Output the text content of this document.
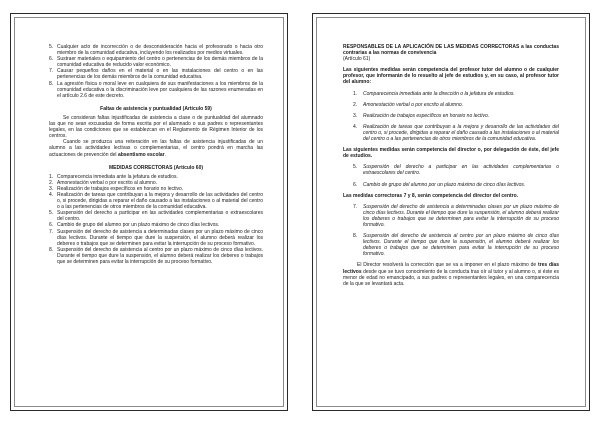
5. Cualquier acto de incorrección o de desconsideración hacia el profesorado o hacia otro miembro de la comunidad educativa, incluyendo los realizados por medios virtuales.
6. Sustraer materiales o equipamiento del centro o pertenencias de los demás miembros de la comunidad educativa de reducido valor económico.
7. Causar pequeños daños en el material o en las instalaciones del centro o en las pertenencias de los demás miembros de la comunidad educativa.
8. La agresión física o moral leve en cualquiera de sus manifestaciones a los miembros de la comunidad educativa o la discriminación leve por cualquiera de las razones enumeradas en el artículo 2.6 de este decreto.
Faltas de asistencia y puntualidad (Artículo 59)

Se consideran faltas injustificadas de asistencia a clase o de puntualidad del alumnado las que no sean excusadas de forma escrita por el alumnado o sus padres o representantes legales, en las condiciones que se establezcan en el Reglamento de Régimen Interior de los centros.

Cuando se produzca una reiteración en las faltas de asistencia injustificadas de un alumno a las actividades lectivas o complementarias, el centro pondrá en marcha las actuaciones de prevención del absentismo escolar.

MEDIDAS CORRECTORAS (Artículo 60)
1. Comparecencia inmediata ante la jefatura de estudios.
2. Amonestación verbal o por escrito al alumno.
3. Realización de trabajos específicos en horario no lectivo.
4. Realización de tareas que contribuyan a la mejora y desarrollo de las actividades del centro o, si procede, dirigidas a reparar el daño causado a las instalaciones o al material del centro o a las pertenencias de otros miembros de la comunidad educativa.
5. Suspensión del derecho a participar en las actividades complementarias o extraescolares del centro.
6. Cambio de grupo del alumno por un plazo máximo de cinco días lectivos.
7. Suspensión del derecho de asistencia a determinadas clases por un plazo máximo de cinco días lectivos. Durante el tiempo que dure la suspensión, el alumno deberá realizar los deberes o trabajos que se determinen para evitar la interrupción de su proceso formativo.
8. Suspensión del derecho de asistencia al centro por un plazo máximo de cinco días lectivos. Durante el tiempo que dure la suspensión, el alumno deberá realizar los deberes o trabajos que se determinen para evitar la interrupción de su proceso formativo.

RESPONSABLES DE LA APLICACIÓN DE LAS MEDIDAS CORRECTORAS a las conductas contrarias a las normas de convivencia

(Artículo 61)

Las siguientes medidas serán competencia del profesor tutor del alumno o de cualquier profesor, que informarán de lo resuelto al jefe de estudios y, en su caso, al profesor tutor del alumno:

1. Comparecencia inmediata ante la dirección o la jefatura de estudios.
2. Amonestación verbal o por escrito al alumno.
3. Realización de trabajos específicos en horario no lectivo.
4.	Realización de tareas que contribuyan a la mejora y desarrollo de las actividades del centro o, si procede, dirigidas a reparar el daño causado a las instalaciones o al material del centro o a las pertenencias de otros miembros de la comunidad educativa.

Las siguientes medidas serán competencia del director o, por delegación de éste, del jefe de estudios.

5.	Suspensión del derecho a participar en las actividades complementarias o extraescolares del centro.
6.	Cambio de grupo del alumno por un plazo máximo de cinco días lectivos.

Las medidas correctoras 7 y 8, serán competencia del director del centro.

7.	Suspensión del derecho de asistencia a determinadas clases por un plazo máximo de cinco días lectivos. Durante el tiempo que dure la suspensión, el alumno deberá realizar los deberes o trabajos que se determinen para evitar la interrupción de su proceso formativo.
8.	Suspensión del derecho de asistencia al centro por un plazo máximo de cinco días lectivos. Durante el tiempo que dure la suspensión, el alumno deberá realizar los deberes o trabajos que se determinen para evitar la interrupción de su proceso formativo.

El Director resolverá la corrección que se va a imponer en el plazo máximo de tres días lectivos desde que se tuvo conocimiento de la conducta tras oír al tutor y al alumno o, si éste es menor de edad no emancipado, a sus padres o representantes legales, en una comparecencia de la que se levantará acta.
